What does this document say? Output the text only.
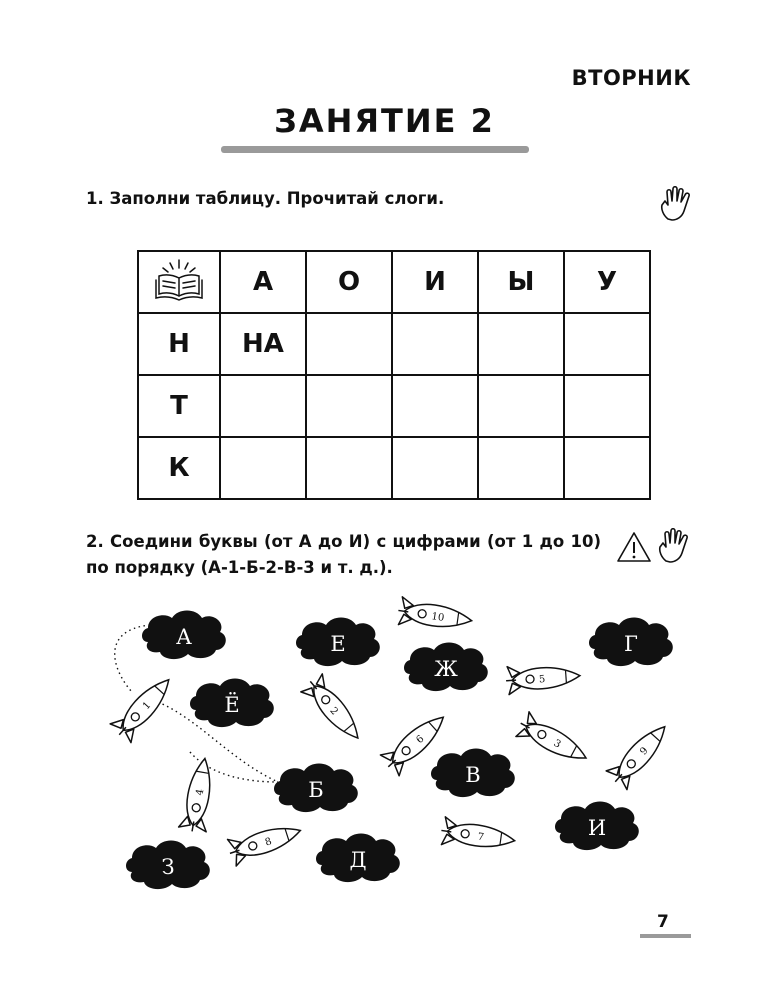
ВТОРНИК
ЗАНЯТИЕ 2
1. Заполни таблицу. Прочитай слоги.
	А	О	И	Ы	У
Н	НА				
Т					
К					
2. Соедини буквы (от А до И) с цифрами (от 1 до 10) по порядку (А-1-Б-2-В-3 и т. д.).
А	Е	Г
Ж
Ё
Б
В
И
З	Д
10
5
1	2
6	3
9
4
8	7
7
